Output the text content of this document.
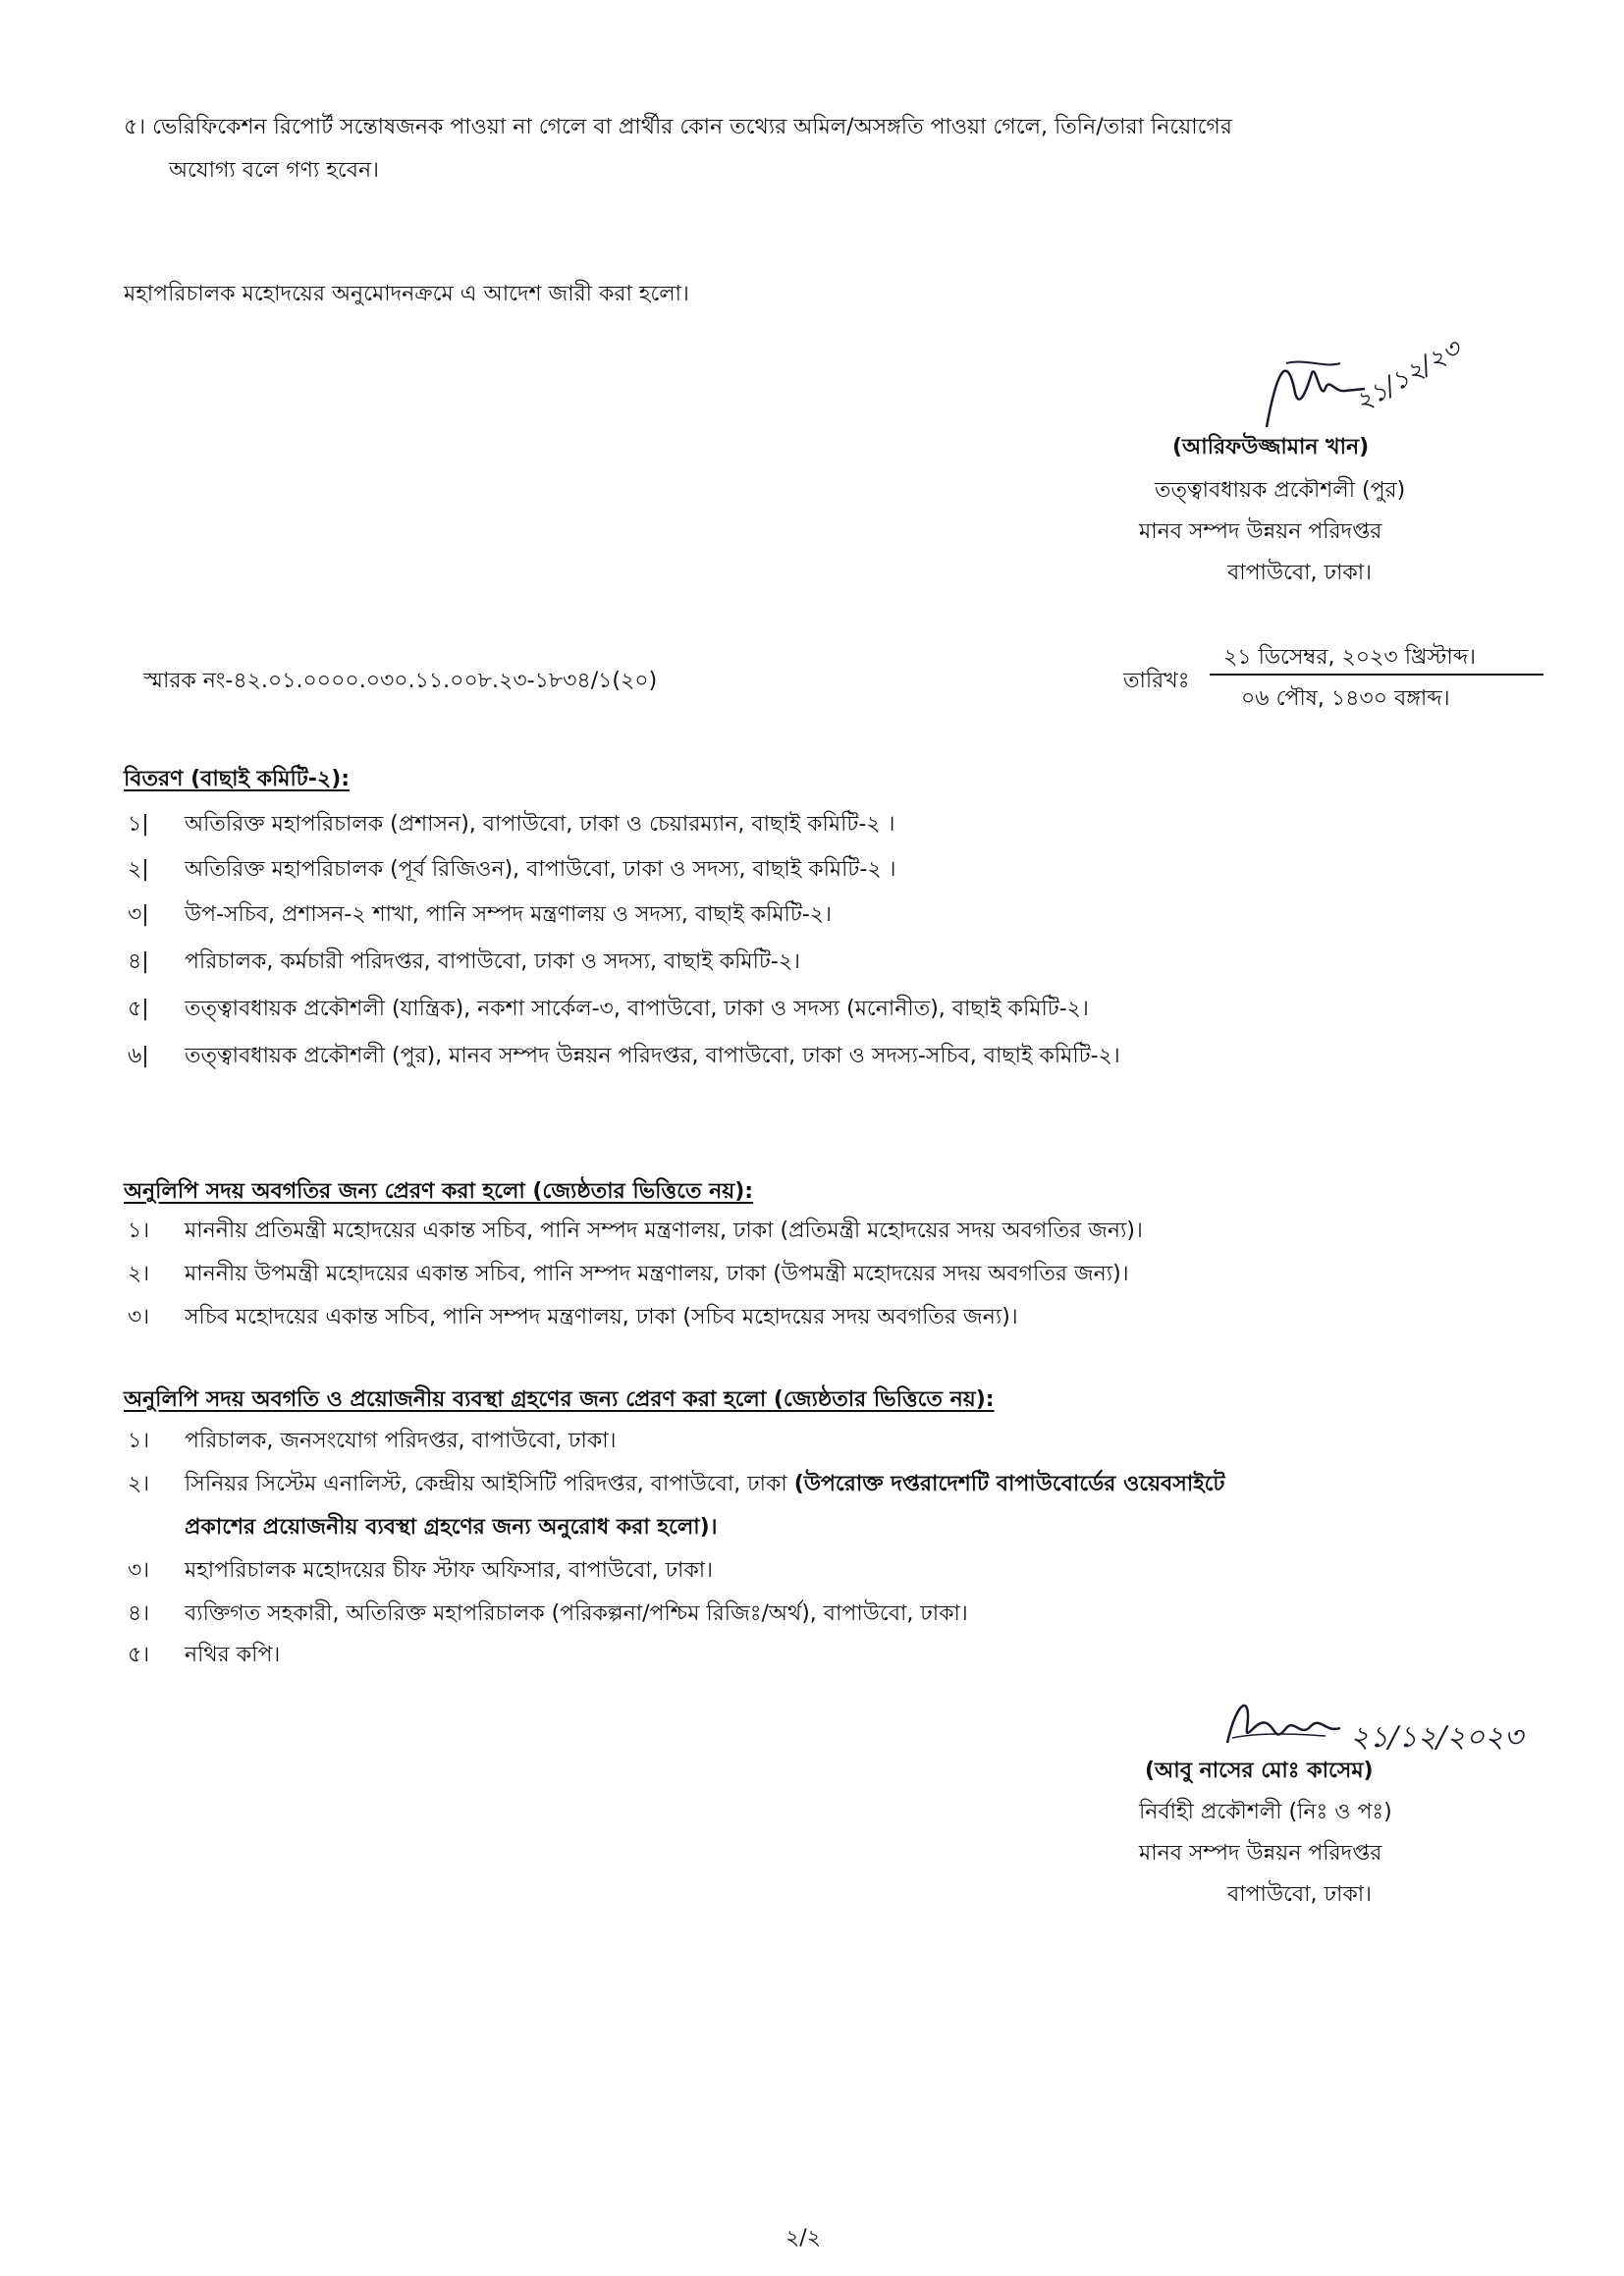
৫। ভেরিফিকেশন রিপোর্ট সন্তোষজনক পাওয়া না গেলে বা প্রার্থীর কোন তথ্যের অমিল/অসঙ্গতি পাওয়া গেলে, তিনি/তারা নিয়োগের
অযোগ্য বলে গণ্য হবেন।
মহাপরিচালক মহোদয়ের অনুমোদনক্রমে এ আদেশ জারী করা হলো।
২১/১২/২৩
(আরিফউজ্জামান খান)
তত্ত্বাবধায়ক প্রকৌশলী (পুর)
মানব সম্পদ উন্নয়ন পরিদপ্তর
বাপাউবো, ঢাকা।
স্মারক নং-৪২.০১.০০০০.০৩০.১১.০০৮.২৩-১৮৩৪/১(২০)	তারিখঃ
২১ ডিসেম্বর, ২০২৩ খ্রিস্টাব্দ।
০৬ পৌষ, ১৪৩০ বঙ্গাব্দ।
বিতরণ (বাছাই কমিটি-২):
১| অতিরিক্ত মহাপরিচালক (প্রশাসন), বাপাউবো, ঢাকা ও চেয়ারম্যান, বাছাই কমিটি-২ ।
২| অতিরিক্ত মহাপরিচালক (পূর্ব রিজিওন), বাপাউবো, ঢাকা ও সদস্য, বাছাই কমিটি-২ ।
৩| উপ-সচিব, প্রশাসন-২ শাখা, পানি সম্পদ মন্ত্রণালয় ও সদস্য, বাছাই কমিটি-২।
৪| পরিচালক, কর্মচারী পরিদপ্তর, বাপাউবো, ঢাকা ও সদস্য, বাছাই কমিটি-২।
৫| তত্ত্বাবধায়ক প্রকৌশলী (যান্ত্রিক), নকশা সার্কেল-৩, বাপাউবো, ঢাকা ও সদস্য (মনোনীত), বাছাই কমিটি-২।
৬| তত্ত্বাবধায়ক প্রকৌশলী (পুর), মানব সম্পদ উন্নয়ন পরিদপ্তর, বাপাউবো, ঢাকা ও সদস্য-সচিব, বাছাই কমিটি-২।
অনুলিপি সদয় অবগতির জন্য প্রেরণ করা হলো (জ্যেষ্ঠতার ভিত্তিতে নয়):
১। মাননীয় প্রতিমন্ত্রী মহোদয়ের একান্ত সচিব, পানি সম্পদ মন্ত্রণালয়, ঢাকা (প্রতিমন্ত্রী মহোদয়ের সদয় অবগতির জন্য)।
২। মাননীয় উপমন্ত্রী মহোদয়ের একান্ত সচিব, পানি সম্পদ মন্ত্রণালয়, ঢাকা (উপমন্ত্রী মহোদয়ের সদয় অবগতির জন্য)।
৩। সচিব মহোদয়ের একান্ত সচিব, পানি সম্পদ মন্ত্রণালয়, ঢাকা (সচিব মহোদয়ের সদয় অবগতির জন্য)।
অনুলিপি সদয় অবগতি ও প্রয়োজনীয় ব্যবস্থা গ্রহণের জন্য প্রেরণ করা হলো (জ্যেষ্ঠতার ভিত্তিতে নয়):
১। পরিচালক, জনসংযোগ পরিদপ্তর, বাপাউবো, ঢাকা।
২। সিনিয়র সিস্টেম এনালিস্ট, কেন্দ্রীয় আইসিটি পরিদপ্তর, বাপাউবো, ঢাকা (উপরোক্ত দপ্তরাদেশটি বাপাউবোর্ডের ওয়েবসাইটে
প্রকাশের প্রয়োজনীয় ব্যবস্থা গ্রহণের জন্য অনুরোধ করা হলো)।
৩। মহাপরিচালক মহোদয়ের চীফ স্টাফ অফিসার, বাপাউবো, ঢাকা।
৪। ব্যক্তিগত সহকারী, অতিরিক্ত মহাপরিচালক (পরিকল্পনা/পশ্চিম রিজিঃ/অর্থ), বাপাউবো, ঢাকা।
৫। নথির কপি।
২১/১২/২০২৩
(আবু নাসের মোঃ কাসেম)
নির্বাহী প্রকৌশলী (নিঃ ও পঃ)
মানব সম্পদ উন্নয়ন পরিদপ্তর
বাপাউবো, ঢাকা।
২/২
